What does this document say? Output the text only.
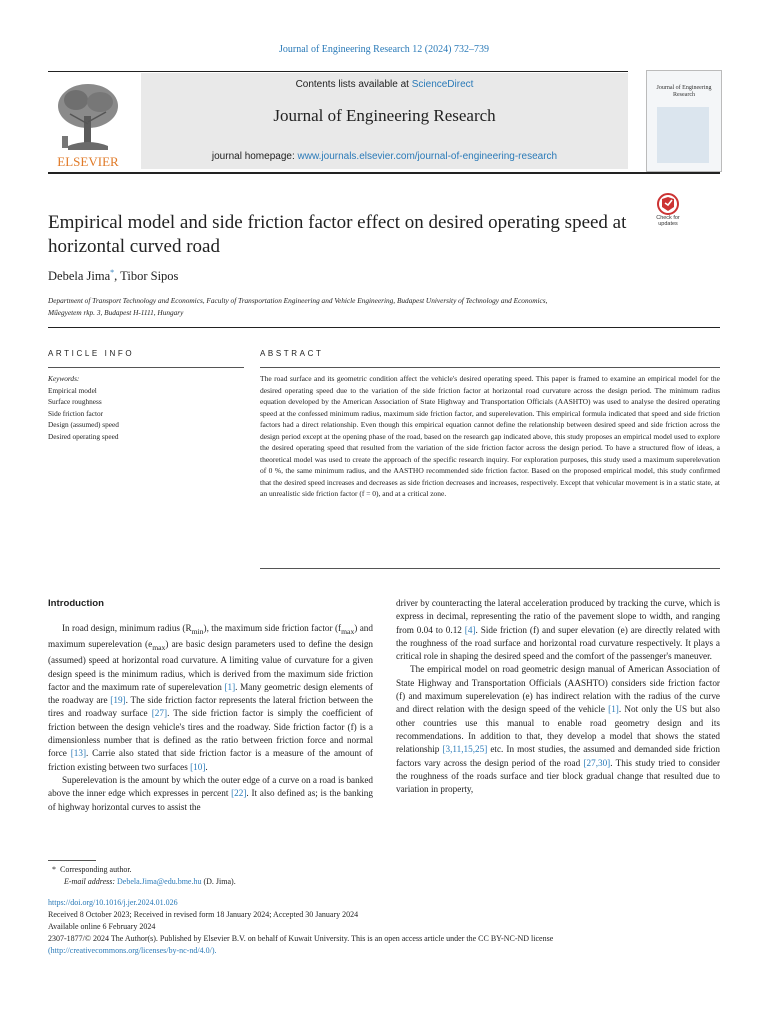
Journal of Engineering Research 12 (2024) 732–739
ELSEVIER
Contents lists available at ScienceDirect
Journal of Engineering Research
journal homepage: www.journals.elsevier.com/journal-of-engineering-research
Journal of Engineering Research
Empirical model and side friction factor effect on desired operating speed at horizontal curved road
Check for updates
Debela Jima*, Tibor Sipos
Department of Transport Technology and Economics, Faculty of Transportation Engineering and Vehicle Engineering, Budapest University of Technology and Economics,
Műegyetem rkp. 3, Budapest H-1111, Hungary
ARTICLE INFO
Keywords:
Empirical model
Surface roughness
Side friction factor
Design (assumed) speed
Desired operating speed
ABSTRACT
The road surface and its geometric condition affect the vehicle's desired operating speed. This paper is framed to examine an empirical model for the desired operating speed due to the variation of the side friction factor at horizontal road curvature across the design period. The minimum radius equation developed by the American Association of State Highway and Transportation Officials (AASHTO) was used to analyse the desired operating speed at the confessed minimum radius, maximum side friction factor, and superelevation. This empirical formula indicated that speed and side friction factors had a direct relationship. Even though this empirical equation cannot define the relationship between desired speed and side friction across the design period except at the opening phase of the road, based on the research gap indicated above, this study proposes an empirical model used to explore the desired operating speed that resulted from the variation of the side friction factor across the design period. To have a structured flow of ideas, a theoretical model was used to create the approach of the specific research inquiry. For exploration purposes, this study used a maximum superelevation of 0 %, the same minimum radius, and the AASTHO recommended side friction factor. Based on the proposed empirical model, this study confirmed that the desired speed increases and decreases as side friction decreases and increases, respectively. Except that vehicular movement is in a static state, at an unrealistic side friction factor (f = 0), and at a critical zone.
Introduction

In road design, minimum radius $(R_{min})$, the maximum side friction factor $(f_{max})$ and maximum superelevation $(e_{max})$ are basic design parameters used to define the design (assumed) speed at horizontal road curvature. A limiting value of curvature for a given design speed is the minimum radius, which is derived from the maximum side friction factor and the maximum rate of superelevation [1]. Many geometric design elements of the roadway are [19]. The side friction factor represents the lateral friction between the tires and roadway surface [27]. The side friction factor is simply the coefficient of friction between the design vehicle's tires and the roadway. Side friction factor (f) is a dimensionless number that is defined as the ratio between friction force and normal force [13]. Carrie also stated that side friction factor is a measure of the amount of friction existing between two surfaces [10].

Superelevation is the amount by which the outer edge of a curve on a road is banked above the inner edge which expresses in percent [22]. It also defined as; is the banking of highway horizontal curves to assist the

driver by counteracting the lateral acceleration produced by tracking the curve, which is express in decimal, representing the ratio of the pavement slope to width, and ranging from 0.04 to 0.12 [4]. Side friction (f) and super elevation (e) are directly related with the roughness of the road surface and horizontal road curvature respectively. It plays a critical role in shaping the desired speed and the comfort of the passenger's maneuver.

The empirical model on road geometric design manual of American Association of State Highway and Transportation Officials (AASHTO) considers side friction factor (f) and maximum superelevation (e) has indirect relation with the radius of the curve and direct relation with the design speed of the vehicle [1]. Not only the US but also other countries use this manual to enable road geometry design and its recommendations. In addition to that, they develop a model that shows the stated relationship [3,11,15,25] etc. In most studies, the assumed and demanded side friction factors vary across the design period of the road [27,30]. This study tried to consider the roughness of the roads surface and tier block gradual change that resulted due to variation in property,

*  Corresponding author.

E-mail address: Debela.Jima@edu.bme.hu (D. Jima).

https://doi.org/10.1016/j.jer.2024.01.026

Received 8 October 2023; Received in revised form 18 January 2024; Accepted 30 January 2024

Available online 6 February 2024

2307-1877/© 2024 The Author(s). Published by Elsevier B.V. on behalf of Kuwait University. This is an open access article under the CC BY-NC-ND license

(http://creativecommons.org/licenses/by-nc-nd/4.0/).
